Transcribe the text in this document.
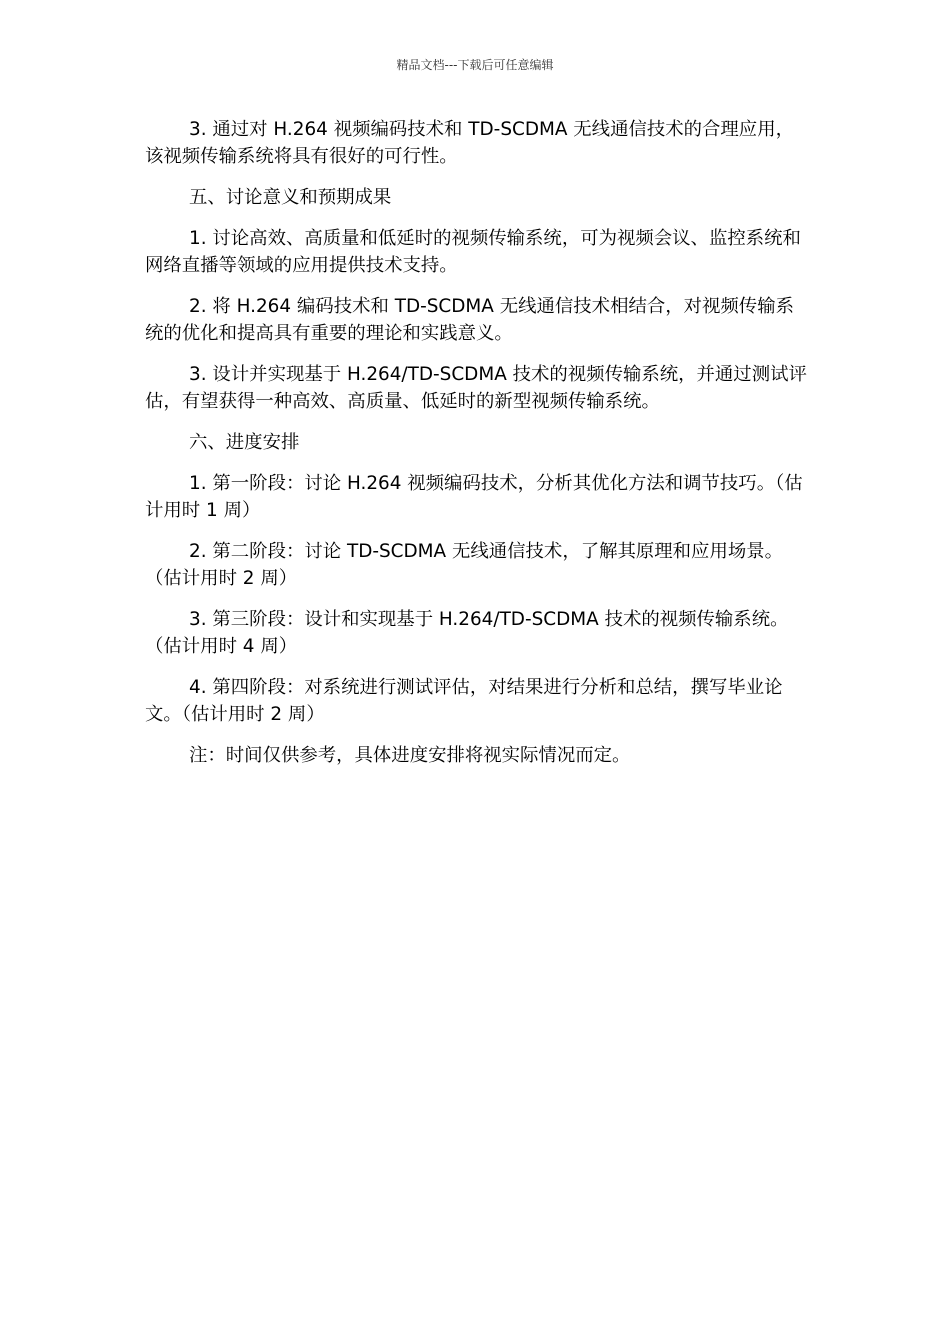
精品文档---下载后可任意编辑

3. 通过对 H.264 视频编码技术和 TD-SCDMA 无线通信技术的合理应用，该视频传输系统将具有很好的可行性。

五、讨论意义和预期成果

1. 讨论高效、高质量和低延时的视频传输系统，可为视频会议、监控系统和网络直播等领域的应用提供技术支持。

2. 将 H.264 编码技术和 TD-SCDMA 无线通信技术相结合，对视频传输系统的优化和提高具有重要的理论和实践意义。

3. 设计并实现基于 H.264/TD-SCDMA 技术的视频传输系统，并通过测试评估，有望获得一种高效、高质量、低延时的新型视频传输系统。

六、进度安排

1. 第一阶段：讨论 H.264 视频编码技术，分析其优化方法和调节技巧。（估计用时 1 周）

2. 第二阶段：讨论 TD-SCDMA 无线通信技术，了解其原理和应用场景。（估计用时 2 周）

3. 第三阶段：设计和实现基于 H.264/TD-SCDMA 技术的视频传输系统。（估计用时 4 周）

4. 第四阶段：对系统进行测试评估，对结果进行分析和总结，撰写毕业论文。（估计用时 2 周）

注：时间仅供参考，具体进度安排将视实际情况而定。
